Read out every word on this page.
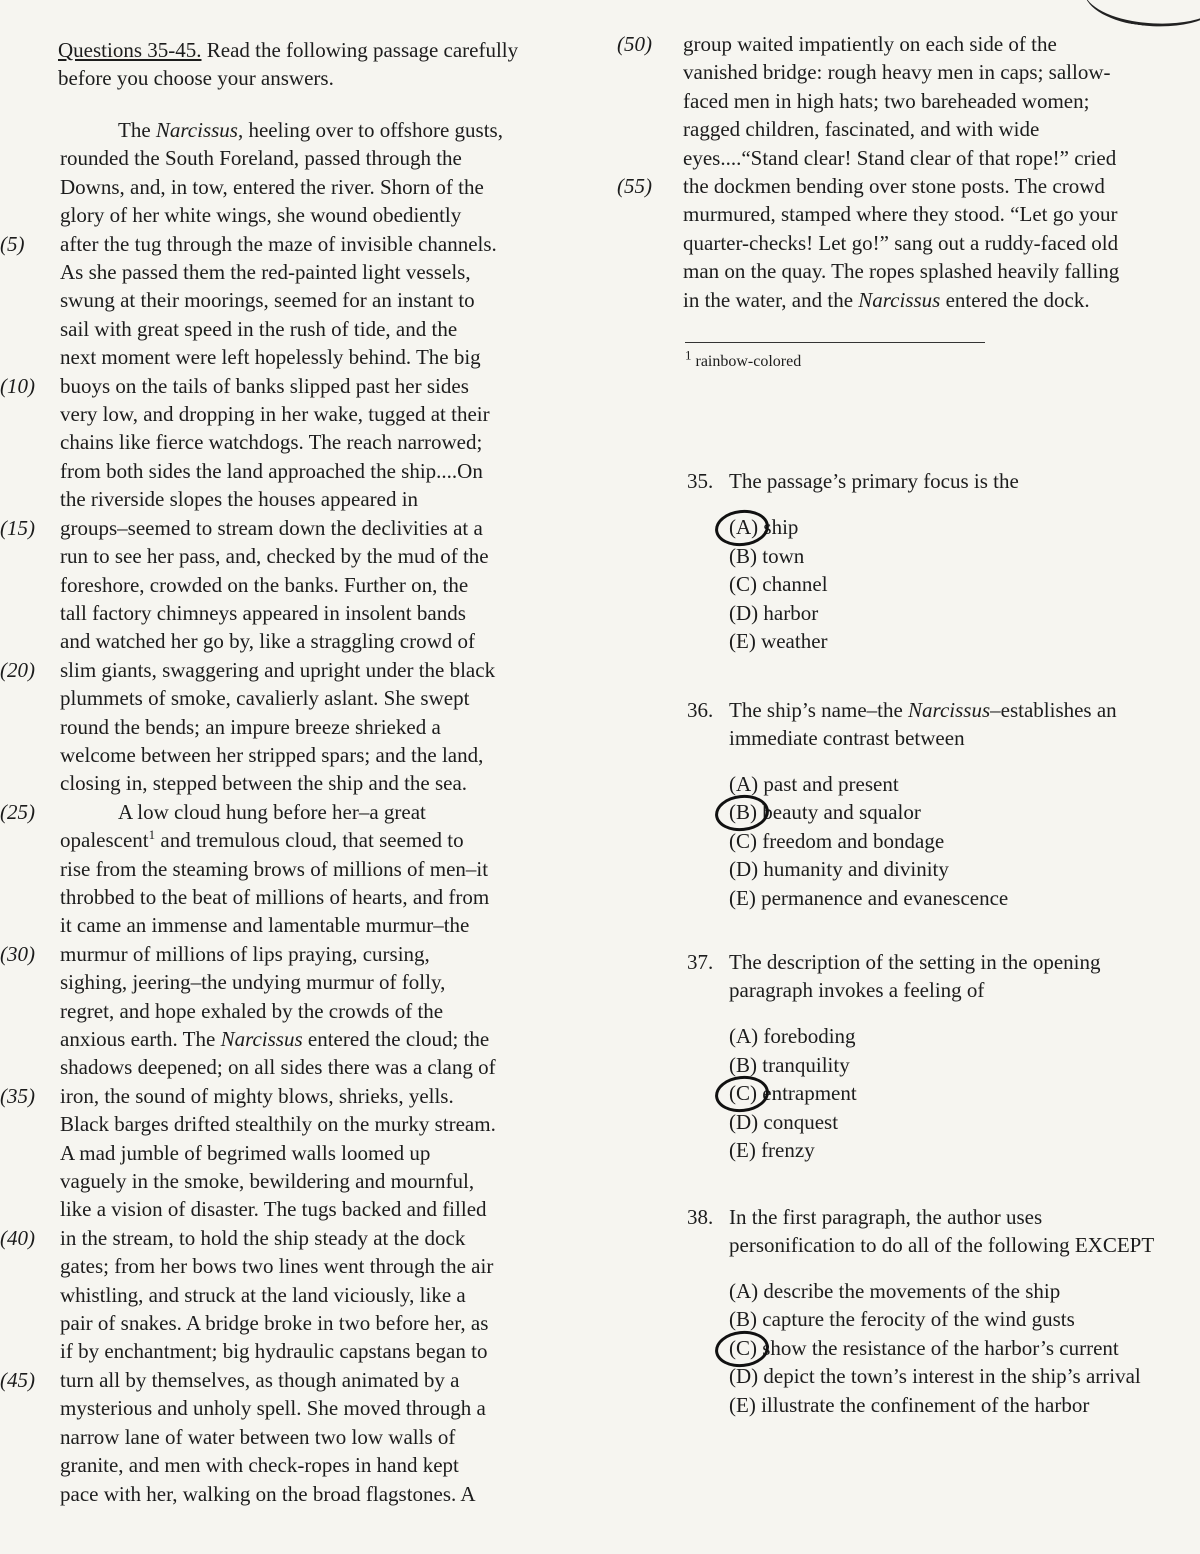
Questions 35-45. Read the following passage carefully before you choose your answers.
The Narcissus, heeling over to offshore gusts,
rounded the South Foreland, passed through the
Downs, and, in tow, entered the river. Shorn of the
glory of her white wings, she wound obediently
(5)	after the tug through the maze of invisible channels.
As she passed them the red-painted light vessels,
swung at their moorings, seemed for an instant to
sail with great speed in the rush of tide, and the
next moment were left hopelessly behind. The big
(10)	buoys on the tails of banks slipped past her sides
very low, and dropping in her wake, tugged at their
chains like fierce watchdogs. The reach narrowed;
from both sides the land approached the ship....On
the riverside slopes the houses appeared in
(15)	groups–seemed to stream down the declivities at a
run to see her pass, and, checked by the mud of the
foreshore, crowded on the banks. Further on, the
tall factory chimneys appeared in insolent bands
and watched her go by, like a straggling crowd of
(20)	slim giants, swaggering and upright under the black
plummets of smoke, cavalierly aslant. She swept
round the bends; an impure breeze shrieked a
welcome between her stripped spars; and the land,
closing in, stepped between the ship and the sea.
(25)	A low cloud hung before her–a great
opalescent$^1$ and tremulous cloud, that seemed to
rise from the steaming brows of millions of men–it
throbbed to the beat of millions of hearts, and from
it came an immense and lamentable murmur–the
(30)	murmur of millions of lips praying, cursing,
sighing, jeering–the undying murmur of folly,
regret, and hope exhaled by the crowds of the
anxious earth. The Narcissus entered the cloud; the
shadows deepened; on all sides there was a clang of
(35)	iron, the sound of mighty blows, shrieks, yells.
Black barges drifted stealthily on the murky stream.
A mad jumble of begrimed walls loomed up
vaguely in the smoke, bewildering and mournful,
like a vision of disaster. The tugs backed and filled
(40)	in the stream, to hold the ship steady at the dock
gates; from her bows two lines went through the air
whistling, and struck at the land viciously, like a
pair of snakes. A bridge broke in two before her, as
if by enchantment; big hydraulic capstans began to
(45)	turn all by themselves, as though animated by a
mysterious and unholy spell. She moved through a
narrow lane of water between two low walls of
granite, and men with check-ropes in hand kept
pace with her, walking on the broad flagstones. A
(50) group waited impatiently on each side of the
vanished bridge: rough heavy men in caps; sallow-
faced men in high hats; two bareheaded women;
ragged children, fascinated, and with wide
eyes....“Stand clear! Stand clear of that rope!” cried
(55) the dockmen bending over stone posts. The crowd
murmured, stamped where they stood. “Let go your
quarter-checks! Let go!” sang out a ruddy-faced old
man on the quay. The ropes splashed heavily falling
in the water, and the Narcissus entered the dock.
$^1$ rainbow-colored
35. The passage’s primary focus is the
(A) ship
(B) town
(C) channel
(D) harbor
(E) weather
36. The ship’s name–the Narcissus–establishes an immediate contrast between
(A) past and present
(B) beauty and squalor
(C) freedom and bondage
(D) humanity and divinity
(E) permanence and evanescence
37. The description of the setting in the opening paragraph invokes a feeling of
(A) foreboding
(B) tranquility
(C) entrapment
(D) conquest
(E) frenzy
38. In the first paragraph, the author uses personification to do all of the following EXCEPT
(A) describe the movements of the ship
(B) capture the ferocity of the wind gusts
(C) show the resistance of the harbor’s current
(D) depict the town’s interest in the ship’s arrival
(E) illustrate the confinement of the harbor
